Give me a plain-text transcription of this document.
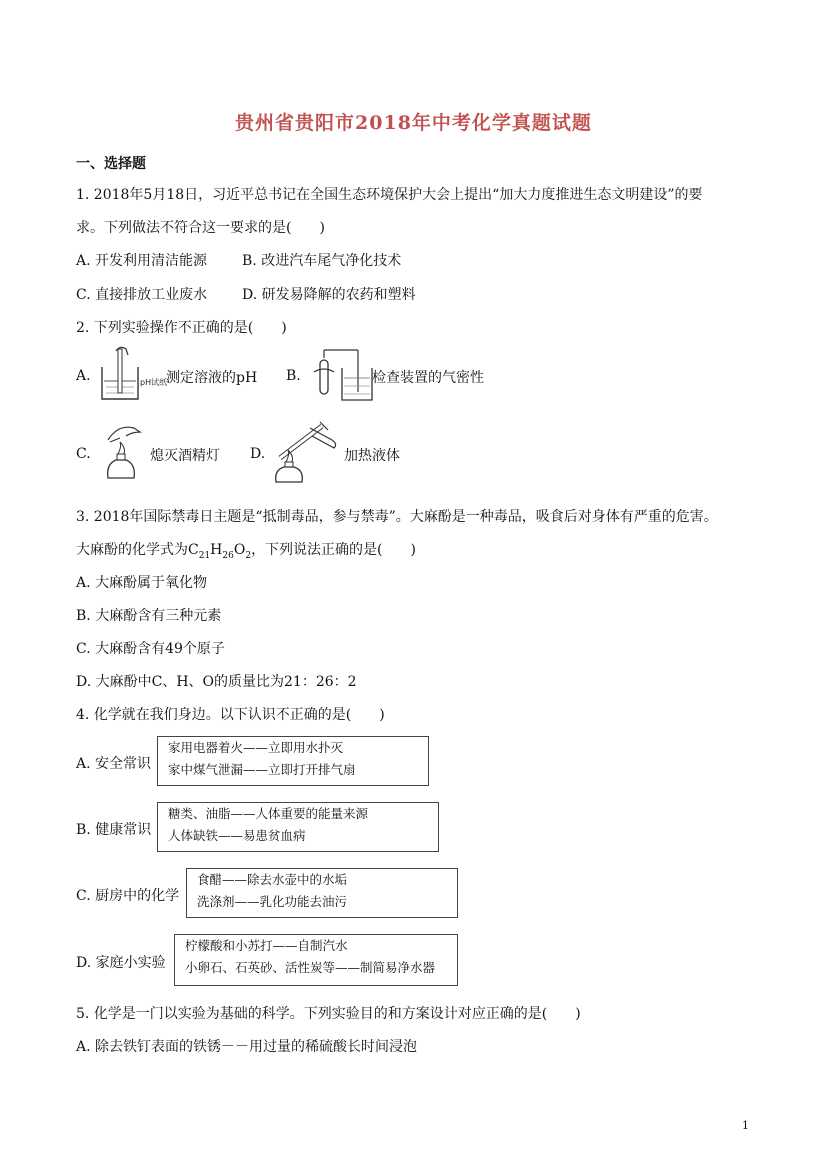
贵州省贵阳市2018年中考化学真题试题
一、选择题
1. 2018年5月18日，习近平总书记在全国生态环境保护大会上提出“加大力度推进生态文明建设”的要
求。下列做法不符合这一要求的是(　　)
A. 开发利用清洁能源 B. 改进汽车尾气净化技术
C. 直接排放工业废水 D. 研发易降解的农药和塑料
2. 下列实验操作不正确的是(　　)
A.	pH试纸
测定溶液的pH B.	检查装置的气密性
C.	熄灭酒精灯 D.	加热液体
3. 2018年国际禁毒日主题是“抵制毒品，参与禁毒”。大麻酚是一种毒品，吸食后对身体有严重的危害。
大麻酚的化学式为$C_{21}H_{26}O_2$，下列说法正确的是(　　)
A. 大麻酚属于氧化物
B. 大麻酚含有三种元素
C. 大麻酚含有49个原子
D. 大麻酚中C、H、O的质量比为21：26：2
4. 化学就在我们身边。以下认识不正确的是(　　)
A. 安全常识
家用电器着火——立即用水扑灭
家中煤气泄漏——立即打开排气扇
B. 健康常识
糖类、油脂——人体重要的能量来源
人体缺铁——易患贫血病
C. 厨房中的化学
食醋——除去水壶中的水垢
洗涤剂——乳化功能去油污
D. 家庭小实验
柠檬酸和小苏打——自制汽水
小卵石、石英砂、活性炭等——制简易净水器
5. 化学是一门以实验为基础的科学。下列实验目的和方案设计对应正确的是(　　)
A. 除去铁钉表面的铁锈－－用过量的稀硫酸长时间浸泡
1
